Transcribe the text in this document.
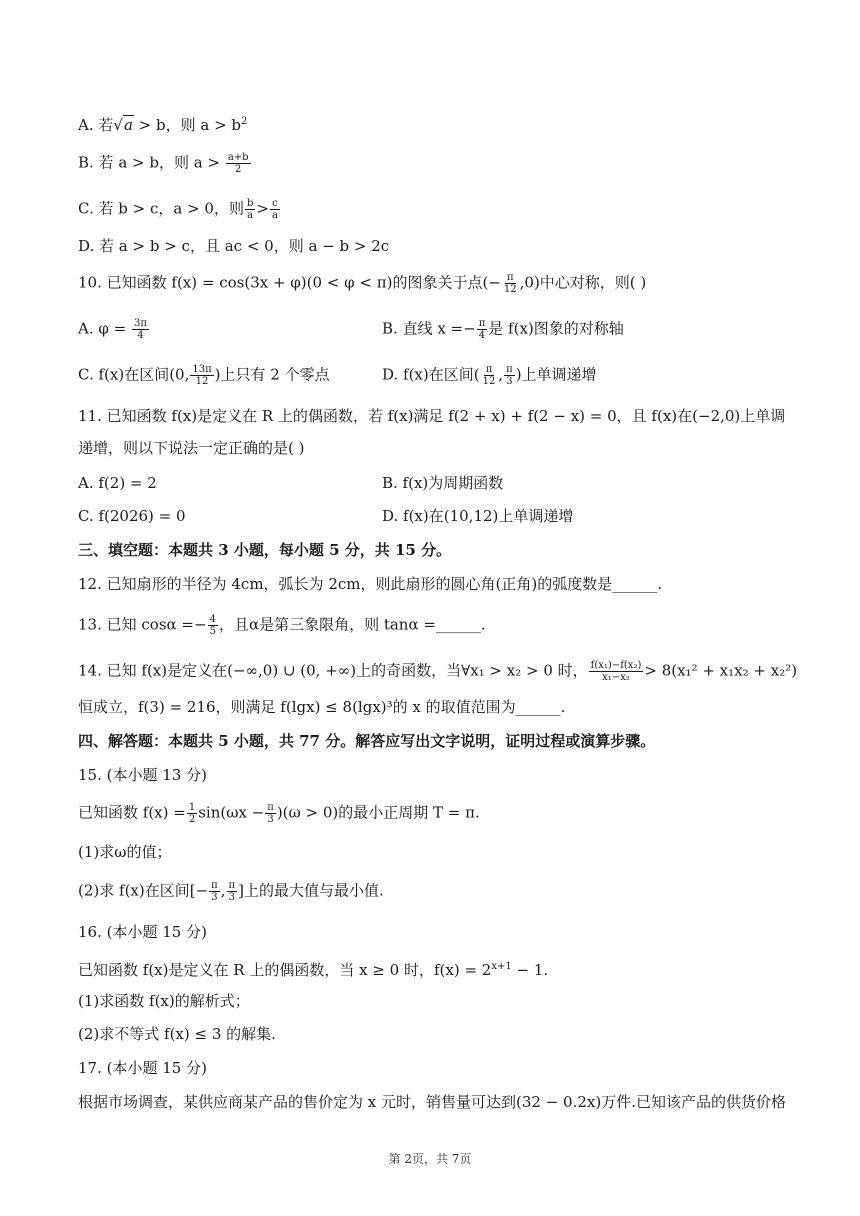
A. 若√a > b，则 $a > b^2$
B. 若 a > b，则 $a > \frac{a+b}{2}$
C. 若 b > c，a > 0，则 $\frac{b}{a} > \frac{c}{a}$
D. 若 a > b > c，且 ac < 0，则 a − b > 2c
10. 已知函数 f(x) = cos(3x + φ)(0 < φ < π)的图象关于点(− $\frac{\pi}{12} ,0$)中心对称，则( )
A. $\varphi = \frac{3\pi}{4}$	B. 直线 $x =- \frac{\pi}{4}$ 是 f(x)图象的对称轴
C. f(x)在区间(0, $\frac{13\pi}{12}$ )上只有 2 个零点	D. f(x)在区间( $\frac{\pi}{12}$ , $\frac{\pi}{3}$ )上单调递增
11. 已知函数 f(x)是定义在 R 上的偶函数，若 f(x)满足 f(2 + x) + f(2 − x) = 0，且 f(x)在(−2,0)上单调
递增，则以下说法一定正确的是( )
A. f(2) = 2	B. f(x)为周期函数
C. f(2026) = 0	D. f(x)在(10,12)上单调递增
三、填空题：本题共 3 小题，每小题 5 分，共 15 分。
12. 已知扇形的半径为 4cm，弧长为 2cm，则此扇形的圆心角(正角)的弧度数是______.
13. 已知 $\cos\alpha =- \frac{4}{5}$ ，且α是第三象限角，则 tanα =______.
14. 已知 f(x)是定义在(−∞,0) ∪ (0, +∞)上的奇函数，当∀x₁ > x₂ > 0 时， $\frac{\text{f(x₁)−f(x₂)}}{\text{x₁−x₂}} > 8(x_1^2 + x_1x_2 + x_2^2)$
恒成立，f(3) = 216，则满足 f(lgx) ≤ 8(lgx)³的 x 的取值范围为______.
四、解答题：本题共 5 小题，共 77 分。解答应写出文字说明，证明过程或演算步骤。
15. (本小题 13 分)
已知函数 $f(x) = \frac{1}{2} \sin(\omega x - \frac{\pi}{3} )(\omega > 0)$的最小正周期 T = π.
(1)求ω的值；
(2)求 f(x)在区间[− $\frac{\pi}{3}$ , $\frac{\pi}{3}$ ]上的最大值与最小值.
16. (本小题 15 分)
已知函数 f(x)是定义在 R 上的偶函数，当 x ≥ 0 时，$f(x) = 2^{x+1} - 1$.
(1)求函数 f(x)的解析式；
(2)求不等式 f(x) ≤ 3 的解集.
17. (本小题 15 分)
根据市场调查，某供应商某产品的售价定为 x 元时，销售量可达到(32 − 0.2x)万件.已知该产品的供货价格
第 2页，共 7页
